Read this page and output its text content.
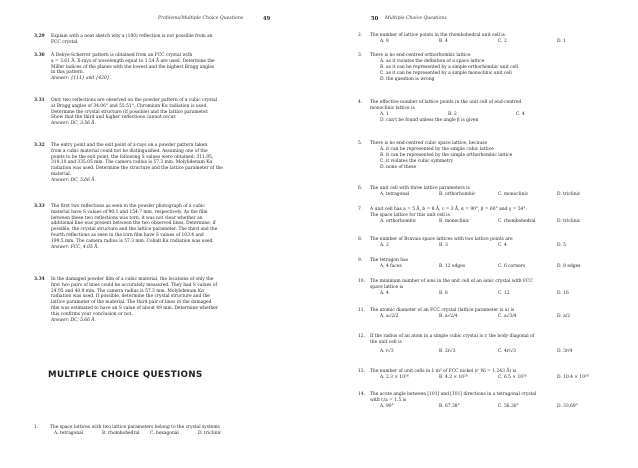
Problems/Multiple Choice Questions	49
3.29 Explain with a neat sketch why a (100) reflection is not possible from an
FCC crystal.
3.30 A Debye-Scherrer pattern is obtained from an FCC crystal with
a = 3.61 Å. X-rays of wavelength equal to 1.54 Å are used. Determine the
Miller indices of the planes with the lowest and the highest Bragg angles
in this pattern.
Answer: {111} and {420}.
3.31 Only two reflections are observed on the powder pattern of a cubic crystal
at Bragg angles of 34.06° and 55.51°. Chromium Kα radiation is used.
Determine the crystal structure (if possible) and the lattice parameter.
Show that the third and higher reflections cannot occur.
Answer: DC, 3.56 Å.
3.32 The entry point and the exit point of x-rays on a powder pattern taken
from a cubic material could not be distinguished. Assuming one of the
points to be the exit point, the following S values were obtained: 311.95,
319.10 and 335.05 mm. The camera radius is 57.3 mm. Molybdenum Kα
radiation was used. Determine the structure and the lattice parameter of the
material.
Answer: DC, 5.66 Å.
3.33 The first two reflections as seen in the powder photograph of a cubic
material have S values of 90.1 and 154.7 mm, respectively. As the film
between these two reflections was torn, it was not clear whether an
additional line was present between the two observed lines. Determine, if
possible, the crystal structure and the lattice parameter. The third and the
fourth reflections as seen in the torn film have S values of 103.4 and
199.5 mm. The camera radius is 57.3 mm. Cobalt Kα radiation was used.
Answer: FCC, 4.05 Å.
3.34 In the damaged powder film of a cubic material, the locations of only the
first two pairs of lines could be accurately measured. They had S values of
24.95 and 40.9 mm. The camera radius is 57.3 mm. Molybdenum Kα
radiation was used. If possible, determine the crystal structure and the
lattice parameter of the material. The third pair of lines in the damaged
film was estimated to have an S value of about 49 mm. Determine whether
this confirms your conclusion or not.
Answer: DC, 5.66 Å.
MULTIPLE CHOICE QUESTIONS
1.	The space lattices with two lattice parameters belong to the crystal systems
A. tetragonal	B. rhombohedral	C. hexagonal	D. triclinic
50 Multiple Choice Questions
2. The number of lattice points in the rhombohedral unit cell is
A. 8	B. 4	C. 2	D. 1
3. There is no end-centred orthorhombic lattice
A. as it violates the definition of a space lattice
B. as it can be represented by a simple orthorhombic unit cell
C. as it can be represented by a simple monoclinic unit cell
D. the question is wrong
4. The effective number of lattice points in the unit cell of end-centred
monoclinic lattice is
A. 1	B. 2	C. 4
D. can't be found unless the angle β is given
5. There is no end-centred cubic space lattice, because
A. it can be represented by the simple cubic lattice
B. it can be represented by the simple orthorhombic lattice
C. it violates the cubic symmetry
D. none of these
6. The unit cell with three lattice parameters is
A. tetragonal	B. orthorhombic	C. monoclinic	D. triclinic
7. A unit cell has a = 5 Å, b = 8 Å, c = 3 Å, α = 90°, β = 60° and γ = 54°.
The space lattice for this unit cell is
A. orthorhombic	B. monoclinic	C. rhombohedral	D. triclinic
8. The number of Bravais space lattices with two lattice points are
A. 2	B. 3	C. 4	D. 5
9. The tetragon has
A. 4 faces	B. 12 edges	C. 6 corners	D. 8 edges
10. The minimum number of ions in the unit cell of an ionic crystal with FCC
space lattice is
A. 4	B. 8	C. 12	D. 16
11. The atomic diameter of an FCC crystal (lattice parameter is a) is
A. a√2/2	B. a√2/4	C. a√3/4	D. a/2
12. If the radius of an atom in a simple cubic crystal is r, the body diagonal of
the unit cell is
A. r√3	B. 2r√3	C. 4r/√3	D. 3r/4
13. The number of unit cells in 1 m³ of FCC nickel (r_Ni = 1.243 Å) is
A. 2.3 × 10²⁸	B. 4.2 × 10²⁸	C. 6.5 × 10²⁸	D. 10.4 × 10²⁸
14. The acute angle between [101] and [1̄01] directions in a tetragonal crystal
with c/a = 1.5 is
A. 90°	B. 67.38°	C. 56.30°	D. 33.69°
